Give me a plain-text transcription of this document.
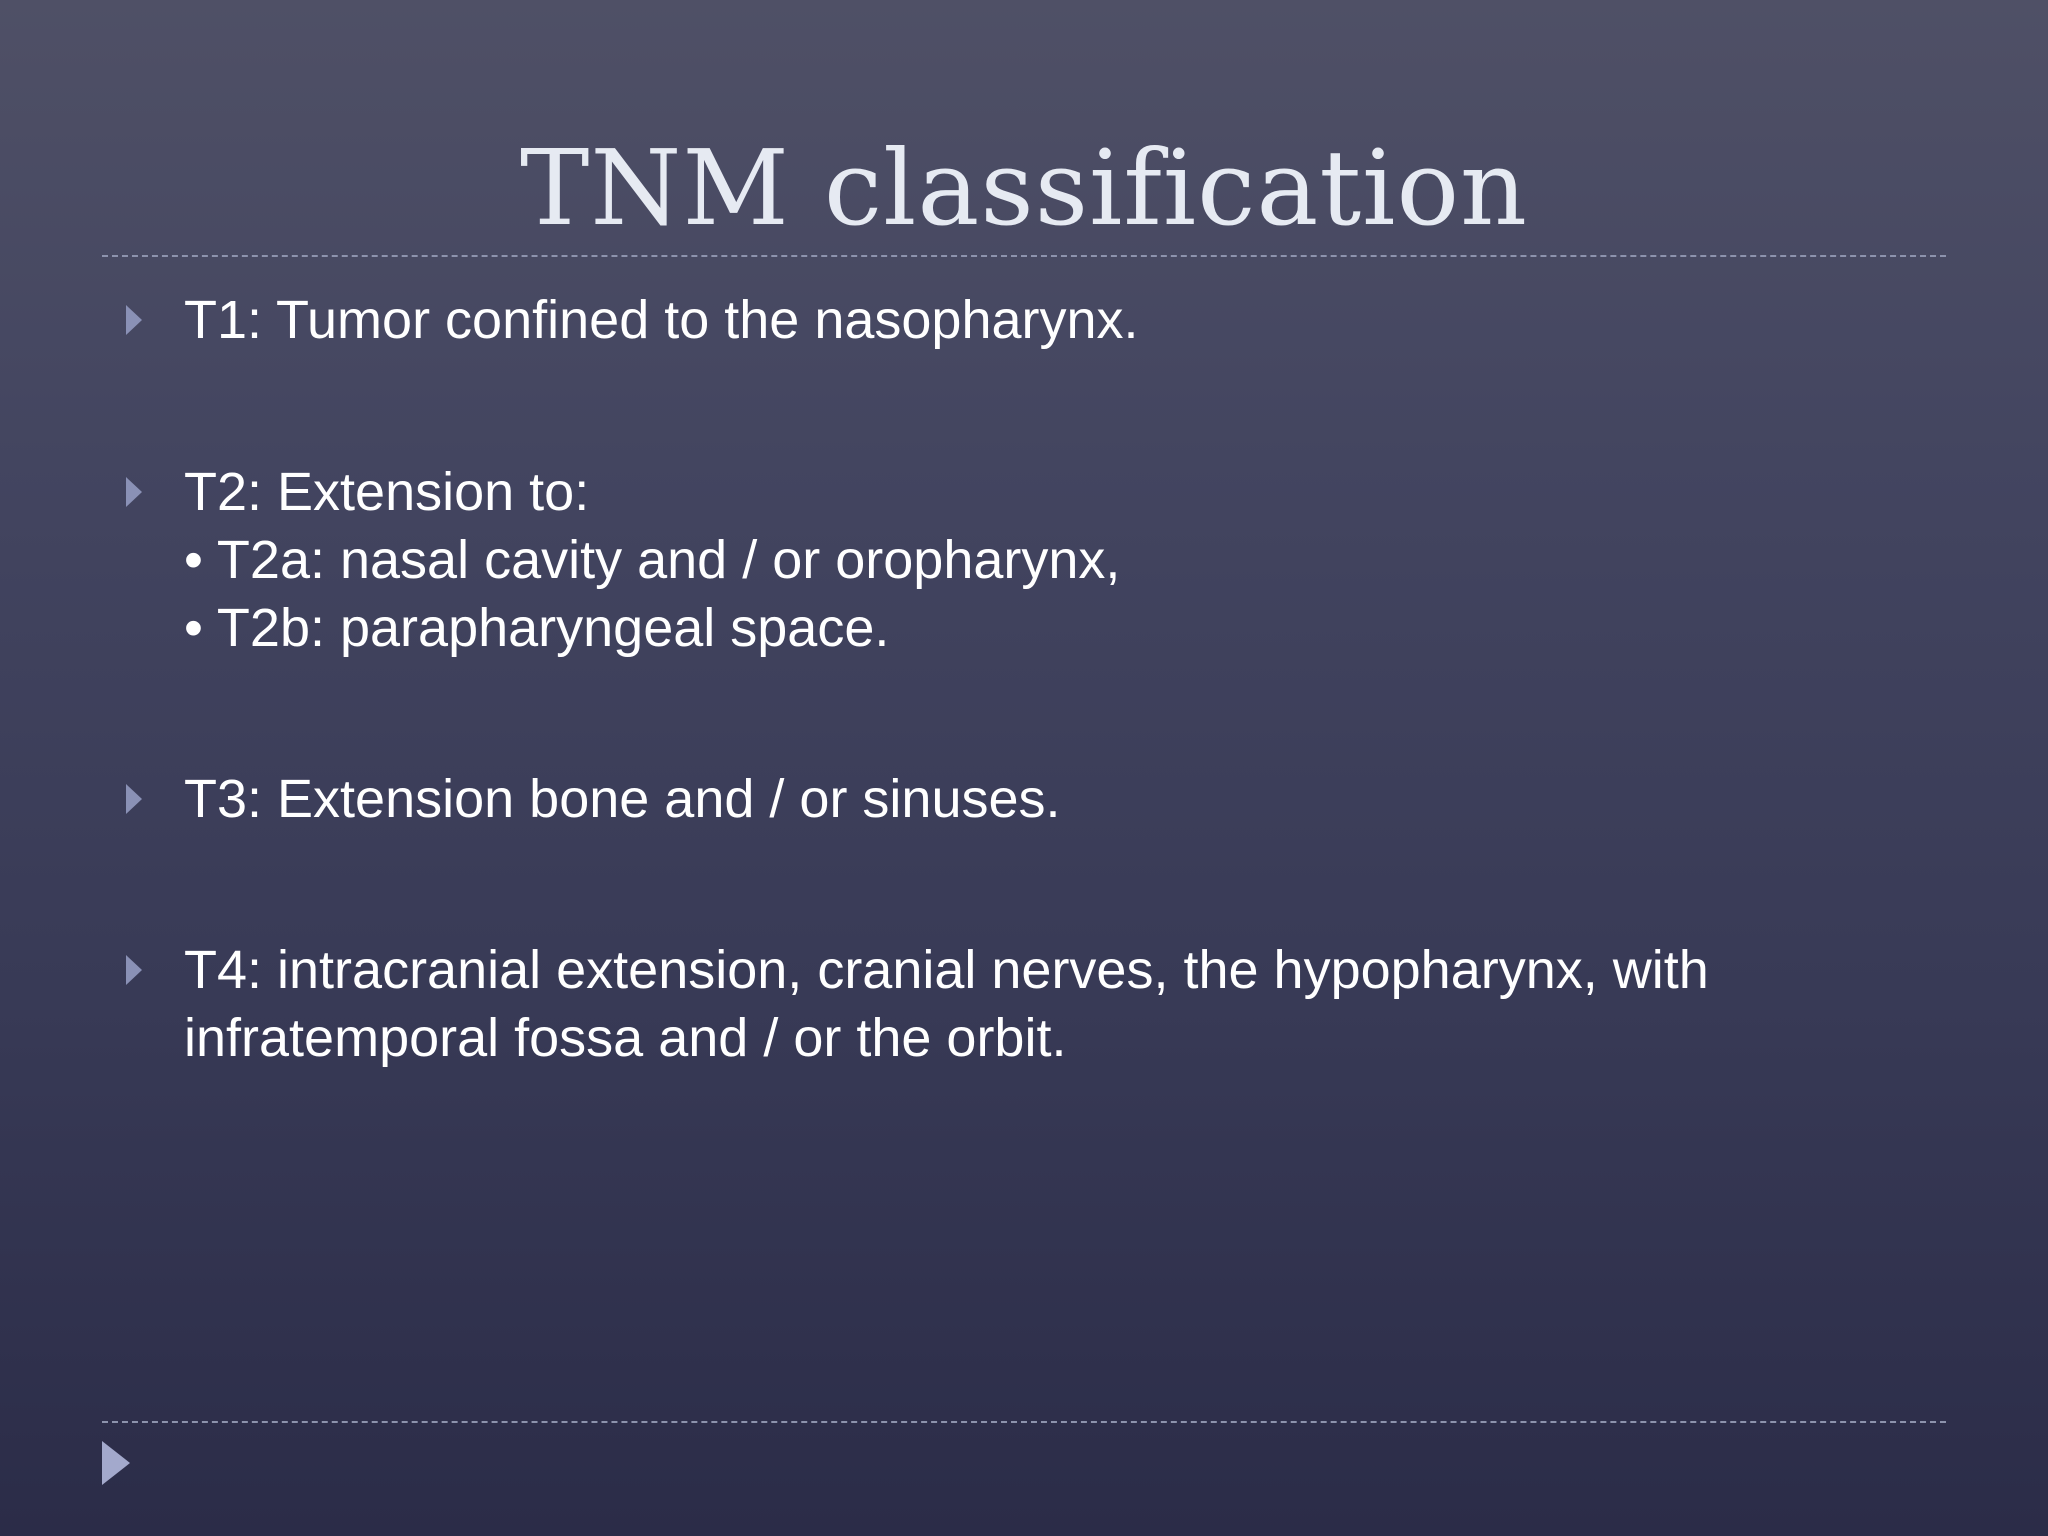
TNM classification
T1: Tumor confined to the nasopharynx.
T2: Extension to:
• T2a: nasal cavity and / or oropharynx,
• T2b: parapharyngeal space.
T3: Extension bone and / or sinuses.
T4: intracranial extension, cranial nerves, the hypopharynx, with
infratemporal fossa and / or the orbit.
